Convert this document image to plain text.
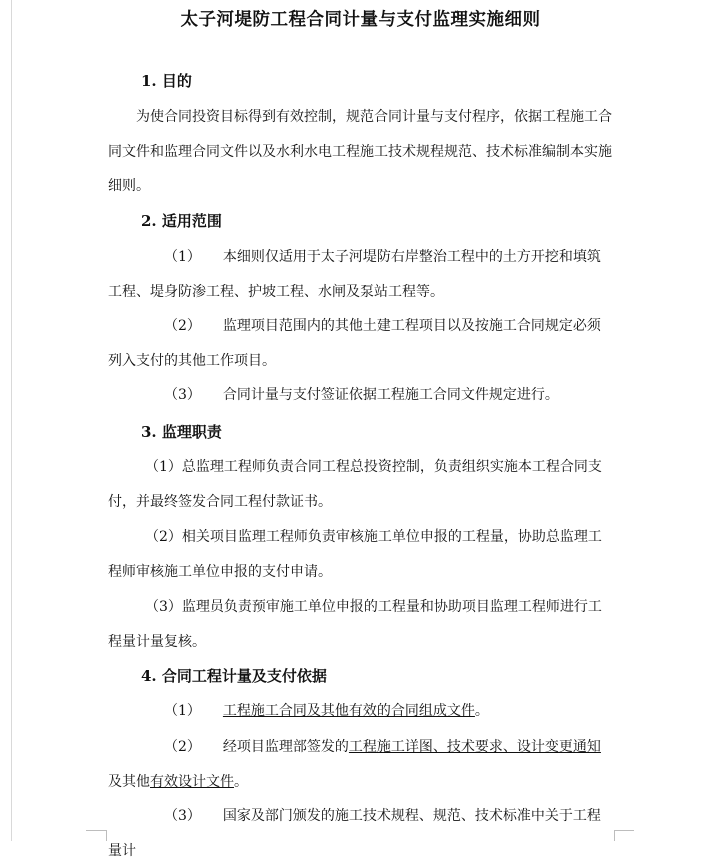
太子河堤防工程合同计量与支付监理实施细则
1. 目的
为使合同投资目标得到有效控制，规范合同计量与支付程序，依据工程施工合同文件和监理合同文件以及水利水电工程施工技术规程规范、技术标准编制本实施细则。
2. 适用范围
（1） 本细则仅适用于太子河堤防右岸整治工程中的土方开挖和填筑工程、堤身防渗工程、护坡工程、水闸及泵站工程等。
（2） 监理项目范围内的其他土建工程项目以及按施工合同规定必须列入支付的其他工作项目。
（3） 合同计量与支付签证依据工程施工合同文件规定进行。
3. 监理职责
（1）总监理工程师负责合同工程总投资控制，负责组织实施本工程合同支付，并最终签发合同工程付款证书。
（2）相关项目监理工程师负责审核施工单位申报的工程量，协助总监理工程师审核施工单位申报的支付申请。
（3）监理员负责预审施工单位申报的工程量和协助项目监理工程师进行工程量计量复核。
4. 合同工程计量及支付依据
（1） 工程施工合同及其他有效的合同组成文件。
（2） 经项目监理部签发的工程施工详图、技术要求、设计变更通知及其他有效设计文件。
（3） 国家及部门颁发的施工技术规程、规范、技术标准中关于工程量计
